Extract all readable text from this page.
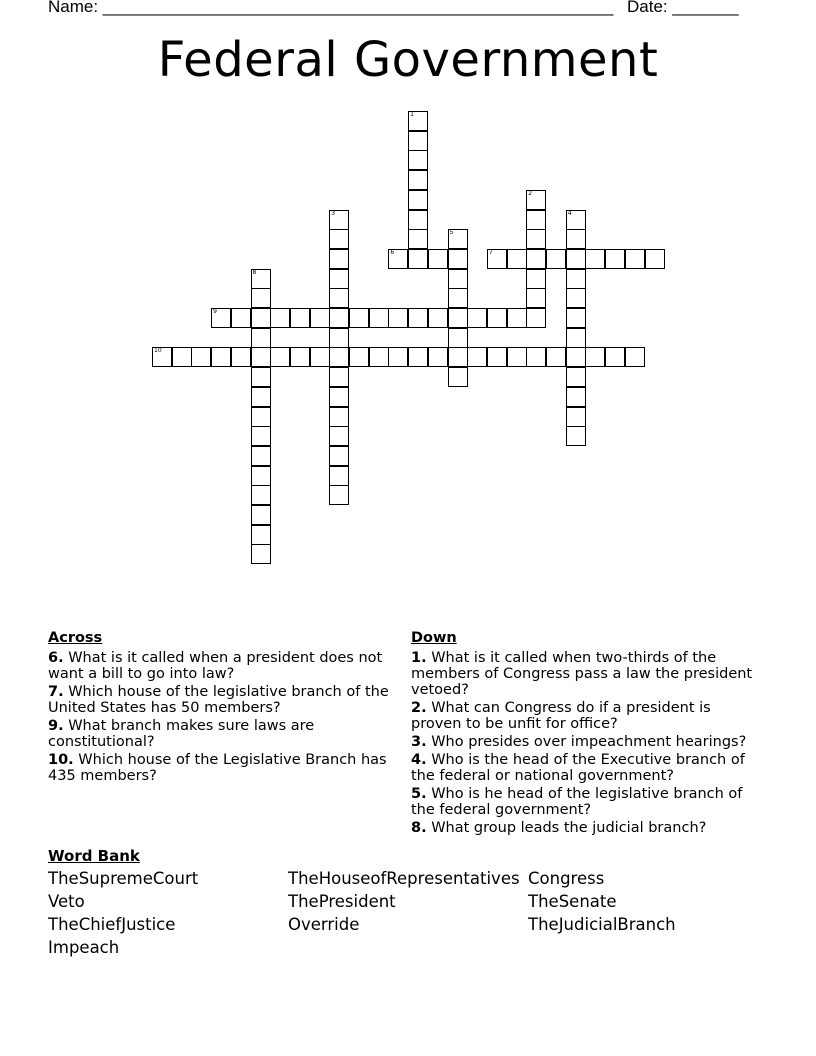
Name: ______________________________________________________ Date: _______
Federal Government
1
2
3	4
5
6	7
8
9
10
Across
6. What is it called when a president does not want a bill to go into law?
7. Which house of the legislative branch of the United States has 50 members?
9. What branch makes sure laws are constitutional?
10. Which house of the Legislative Branch has 435 members?
Down
1. What is it called when two-thirds of the members of Congress pass a law the president vetoed?
2. What can Congress do if a president is proven to be unfit for office?
3. Who presides over impeachment hearings?
4. Who is the head of the Executive branch of the federal or national government?
5. Who is he head of the legislative branch of the federal government?
8. What group leads the judicial branch?
Word Bank
TheSupremeCourt	TheHouseofRepresentatives Congress
Veto	ThePresident	TheSenate
TheChiefJustice	Override	TheJudicialBranch
Impeach
